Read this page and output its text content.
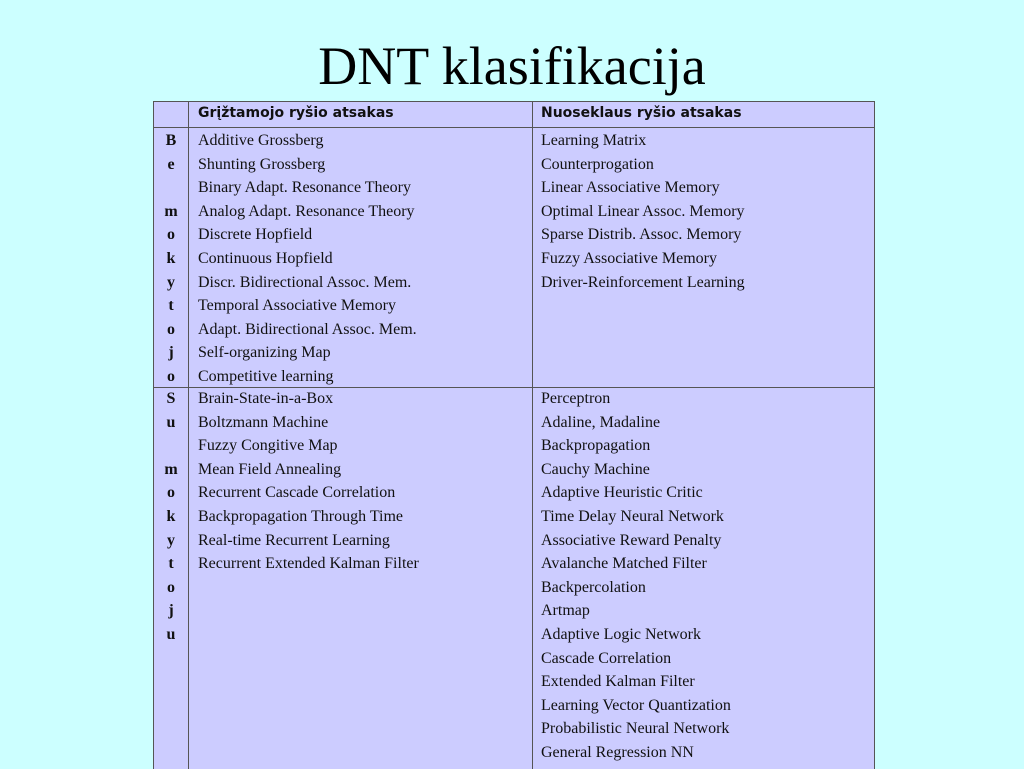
DNT klasifikacija
Grįžtamojo ryšio atsakas	Nuoseklaus ryšio atsakas
B
e
m
o
k
y
t
o
j
o
Additive Grossberg
Shunting Grossberg
Binary Adapt. Resonance Theory
Analog Adapt. Resonance Theory
Discrete Hopfield
Continuous Hopfield
Discr. Bidirectional Assoc. Mem.
Temporal Associative Memory
Adapt. Bidirectional Assoc. Mem.
Self-organizing Map
Competitive learning
Learning Matrix
Counterprogation
Linear Associative Memory
Optimal Linear Assoc. Memory
Sparse Distrib. Assoc. Memory
Fuzzy Associative Memory
Driver-Reinforcement Learning
S
u
m
o
k
y
t
o
j
u
Brain-State-in-a-Box
Boltzmann Machine
Fuzzy Congitive Map
Mean Field Annealing
Recurrent Cascade Correlation
Backpropagation Through Time
Real-time Recurrent Learning
Recurrent Extended Kalman Filter
Perceptron
Adaline, Madaline
Backpropagation
Cauchy Machine
Adaptive Heuristic Critic
Time Delay Neural Network
Associative Reward Penalty
Avalanche Matched Filter
Backpercolation
Artmap
Adaptive Logic Network
Cascade Correlation
Extended Kalman Filter
Learning Vector Quantization
Probabilistic Neural Network
General Regression NN
